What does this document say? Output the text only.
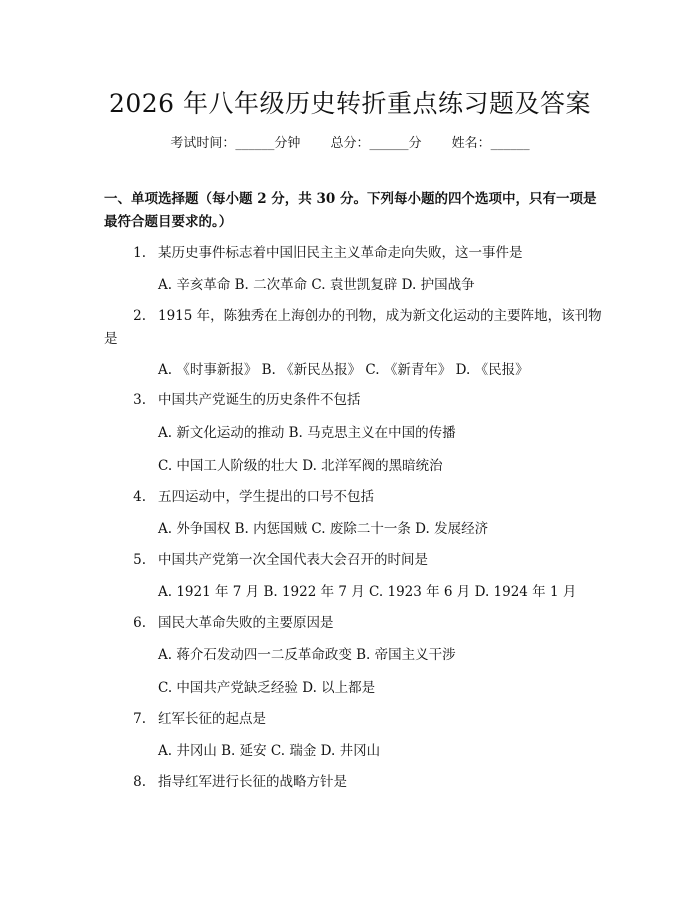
2026 年八年级历史转折重点练习题及答案
考试时间：______分钟 总分：______分 姓名：______
一、单项选择题（每小题 2 分，共 30 分。下列每小题的四个选项中，只有一项是最符合题目要求的。）
1. 某历史事件标志着中国旧民主主义革命走向失败，这一事件是
A. 辛亥革命 B. 二次革命 C. 袁世凯复辟 D. 护国战争
2. 1915 年，陈独秀在上海创办的刊物，成为新文化运动的主要阵地，该刊物是
A. 《时事新报》 B. 《新民丛报》 C. 《新青年》 D. 《民报》
3. 中国共产党诞生的历史条件不包括
A. 新文化运动的推动 B. 马克思主义在中国的传播
C. 中国工人阶级的壮大 D. 北洋军阀的黑暗统治
4. 五四运动中，学生提出的口号不包括
A. 外争国权 B. 内惩国贼 C. 废除二十一条 D. 发展经济
5. 中国共产党第一次全国代表大会召开的时间是
A. 1921 年 7 月 B. 1922 年 7 月 C. 1923 年 6 月 D. 1924 年 1 月
6. 国民大革命失败的主要原因是
A. 蒋介石发动四一二反革命政变 B. 帝国主义干涉
C. 中国共产党缺乏经验 D. 以上都是
7. 红军长征的起点是
A. 井冈山 B. 延安 C. 瑞金 D. 井冈山
8. 指导红军进行长征的战略方针是
